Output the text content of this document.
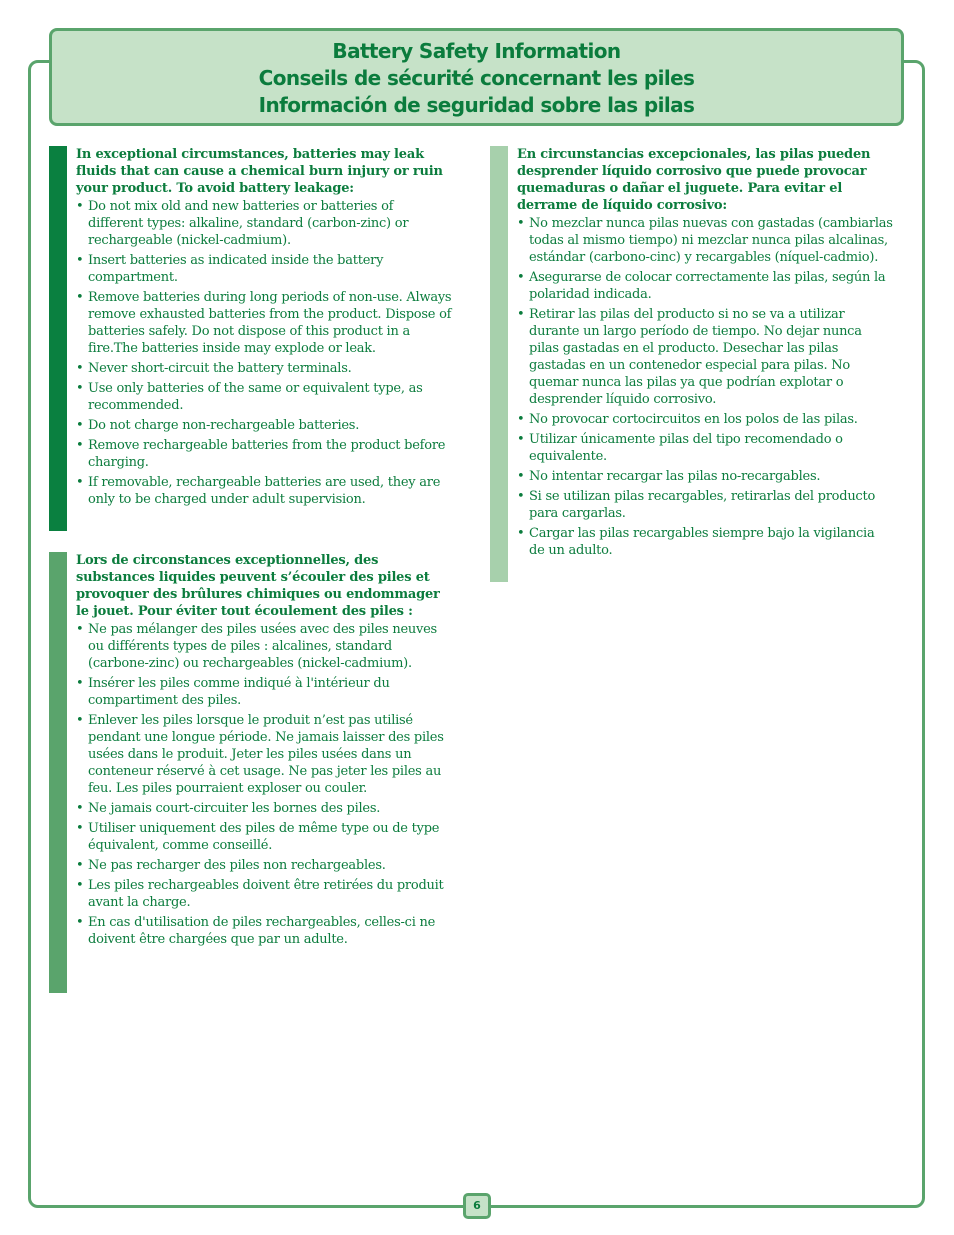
Battery Safety Information
Conseils de sécurité concernant les piles
Información de seguridad sobre las pilas

In exceptional circumstances, batteries may leak fluids that can cause a chemical burn injury or ruin your product. To avoid battery leakage:

• Do not mix old and new batteries or batteries of different types: alkaline, standard (carbon-zinc) or rechargeable (nickel-cadmium).
• Insert batteries as indicated inside the battery compartment.
• Remove batteries during long periods of non-use. Always remove exhausted batteries from the product. Dispose of batteries safely. Do not dispose of this product in a fire.The batteries inside may explode or leak.
• Never short-circuit the battery terminals.
• Use only batteries of the same or equivalent type, as recommended.
• Do not charge non-rechargeable batteries.
• Remove rechargeable batteries from the product before charging.
• If removable, rechargeable batteries are used, they are only to be charged under adult supervision.

Lors de circonstances exceptionnelles, des substances liquides peuvent s’écouler des piles et provoquer des brûlures chimiques ou endommager le jouet. Pour éviter tout écoulement des piles :

• Ne pas mélanger des piles usées avec des piles neuves ou différents types de piles : alcalines, standard (carbone-zinc) ou rechargeables (nickel-cadmium).
• Insérer les piles comme indiqué à l'intérieur du compartiment des piles.
• Enlever les piles lorsque le produit n’est pas utilisé pendant une longue période. Ne jamais laisser des piles usées dans le produit. Jeter les piles usées dans un conteneur réservé à cet usage. Ne pas jeter les piles au feu. Les piles pourraient exploser ou couler.
• Ne jamais court-circuiter les bornes des piles.
• Utiliser uniquement des piles de même type ou de type équivalent, comme conseillé.
• Ne pas recharger des piles non rechargeables.
• Les piles rechargeables doivent être retirées du produit avant la charge.
• En cas d'utilisation de piles rechargeables, celles-ci ne doivent être chargées que par un adulte.

En circunstancias excepcionales, las pilas pueden desprender líquido corrosivo que puede provocar quemaduras o dañar el juguete. Para evitar el derrame de líquido corrosivo:

• No mezclar nunca pilas nuevas con gastadas (cambiarlas todas al mismo tiempo) ni mezclar nunca pilas alcalinas, estándar (carbono-cinc) y recargables (níquel-cadmio).
• Asegurarse de colocar correctamente las pilas, según la polaridad indicada.
• Retirar las pilas del producto si no se va a utilizar durante un largo período de tiempo. No dejar nunca pilas gastadas en el producto. Desechar las pilas gastadas en un contenedor especial para pilas. No quemar nunca las pilas ya que podrían explotar o desprender líquido corrosivo.
• No provocar cortocircuitos en los polos de las pilas.
• Utilizar únicamente pilas del tipo recomendado o equivalente.
• No intentar recargar las pilas no-recargables.
• Si se utilizan pilas recargables, retirarlas del producto para cargarlas.
• Cargar las pilas recargables siempre bajo la vigilancia de un adulto.
6
